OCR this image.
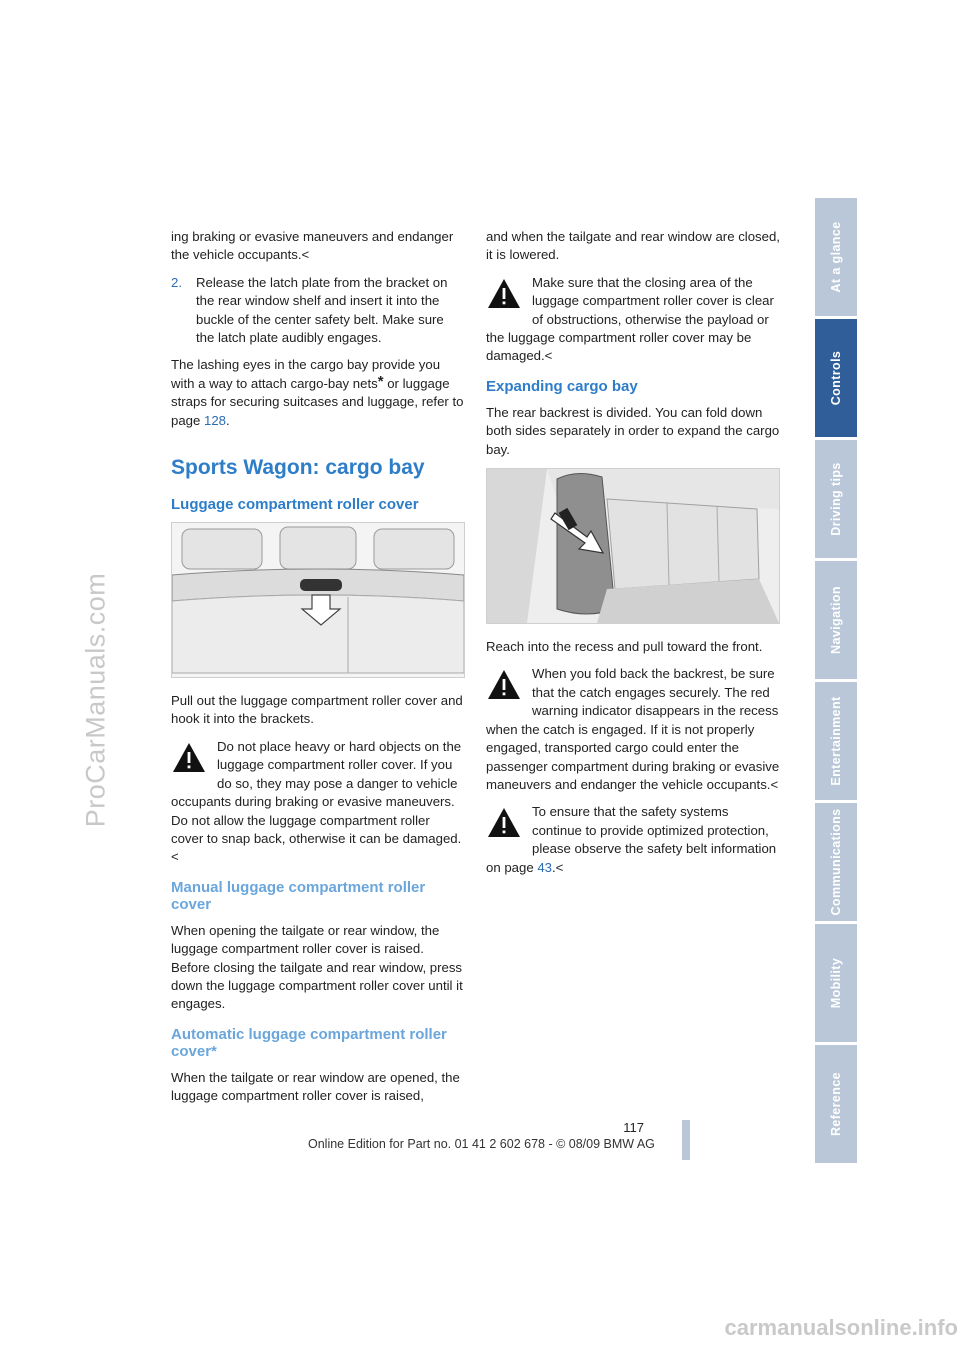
ProCarManuals.com

ing braking or evasive maneuvers and endanger the vehicle occupants.<

2.	Release the latch plate from the bracket on the rear window shelf and insert it into the buckle of the center safety belt. Make sure the latch plate audibly engages.

The lashing eyes in the cargo bay provide you with a way to attach cargo-bay nets* or luggage straps for securing suitcases and luggage, refer to page 128.

Sports Wagon: cargo bay
Luggage compartment roller cover

Pull out the luggage compartment roller cover and hook it into the brackets.

Do not place heavy or hard objects on the luggage compartment roller cover. If you do so, they may pose a danger to vehicle occupants during braking or evasive maneuvers. Do not allow the luggage compartment roller cover to snap back, otherwise it can be damaged.<
Manual luggage compartment roller cover

When opening the tailgate or rear window, the luggage compartment roller cover is raised. Before closing the tailgate and rear window, press down the luggage compartment roller cover until it engages.

Automatic luggage compartment roller cover*

When the tailgate or rear window are opened, the luggage compartment roller cover is raised,

and when the tailgate and rear window are closed, it is lowered.

Make sure that the closing area of the luggage compartment roller cover is clear of obstructions, otherwise the payload or the luggage compartment roller cover may be damaged.<
Expanding cargo bay

The rear backrest is divided. You can fold down both sides separately in order to expand the cargo bay.

Reach into the recess and pull toward the front.

When you fold back the backrest, be sure that the catch engages securely. The red warning indicator disappears in the recess when the catch is engaged. If it is not properly engaged, transported cargo could enter the passenger compartment during braking or evasive maneuvers and endanger the vehicle occupants.<
To ensure that the safety systems continue to provide optimized protection, please observe the safety belt information on page 43.<
At a glance
Controls
Driving tips
Navigation
Entertainment
Communications
Mobility
Reference
117
Online Edition for Part no. 01 41 2 602 678 - © 08/09 BMW AG
carmanualsonline.info
